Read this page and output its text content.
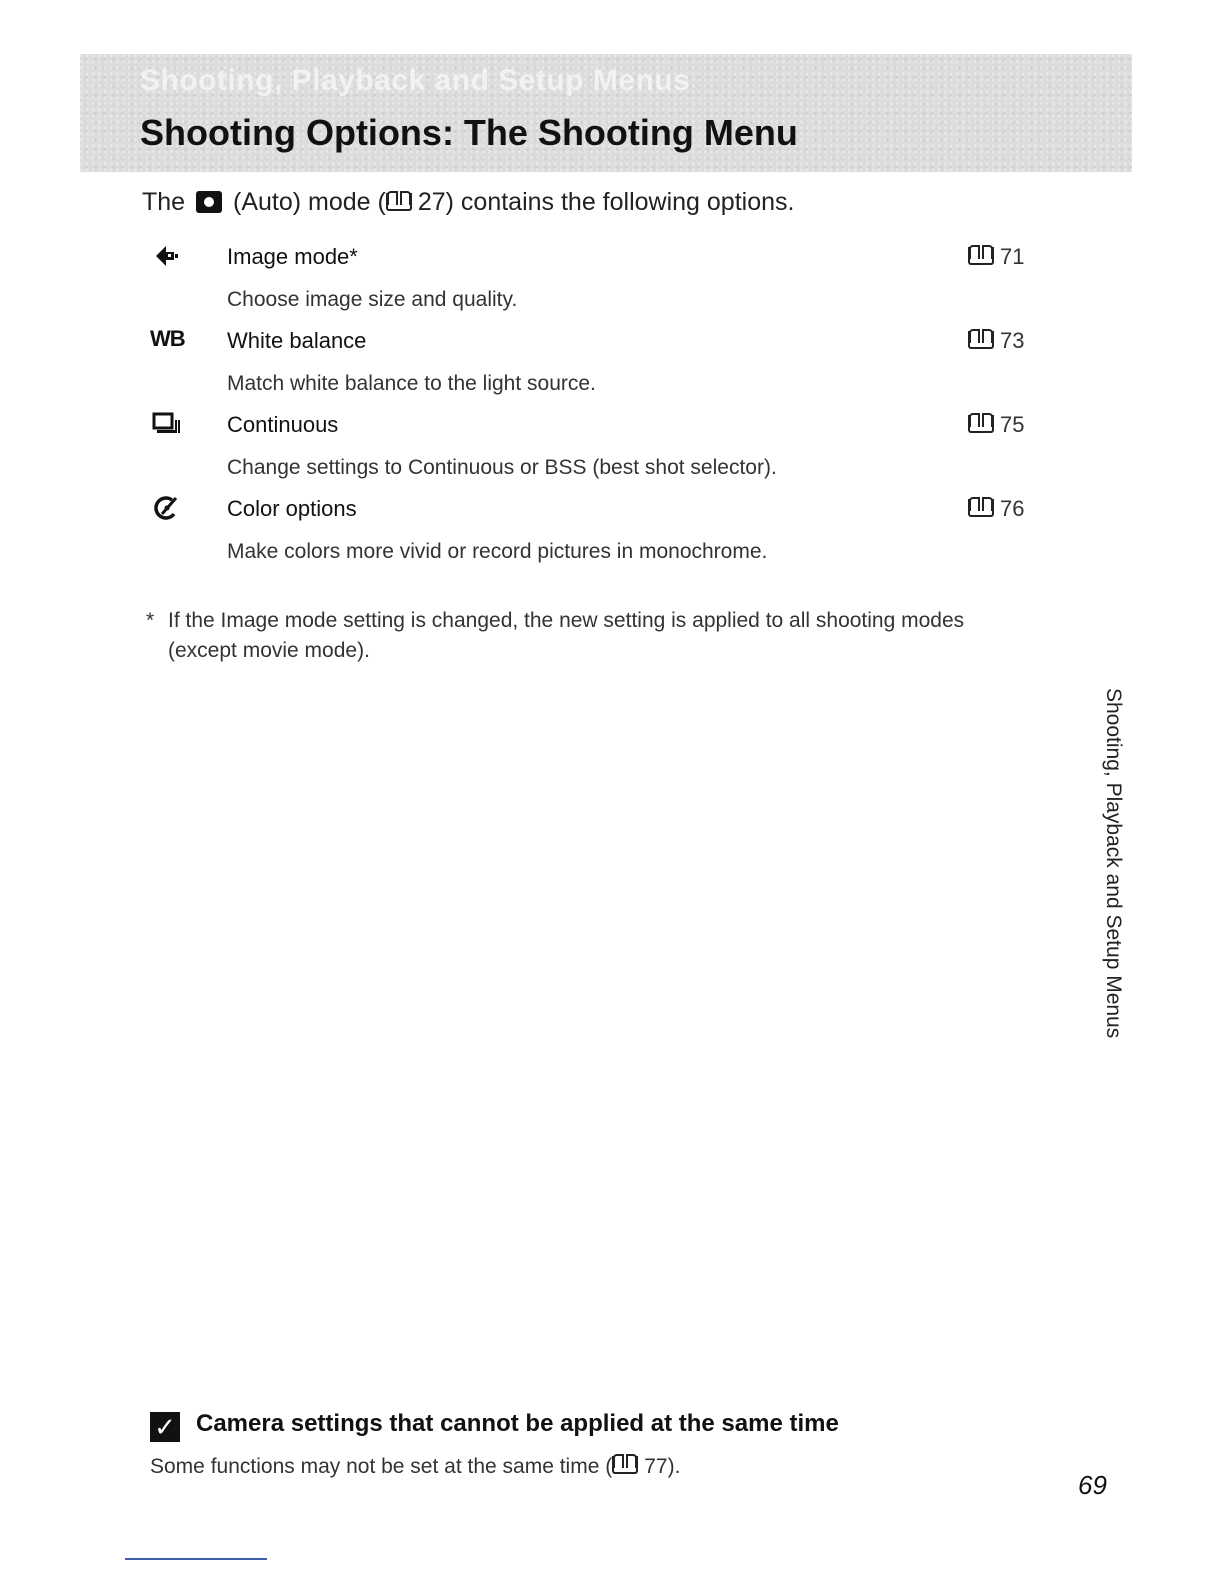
Shooting, Playback and Setup Menus
Shooting Options: The Shooting Menu
The (Auto) mode ( 27) contains the following options.
Image mode*
Choose image size and quality.
71
WB White balance
Match white balance to the light source.
73
Continuous
Change settings to Continuous or BSS (best shot selector).
75
Color options
Make colors more vivid or record pictures in monochrome.
76
* If the Image mode setting is changed, the new setting is applied to all shooting modes (except movie mode).
Shooting, Playback and Setup Menus
✓ Camera settings that cannot be applied at the same time
Some functions may not be set at the same time ( 77).
69
